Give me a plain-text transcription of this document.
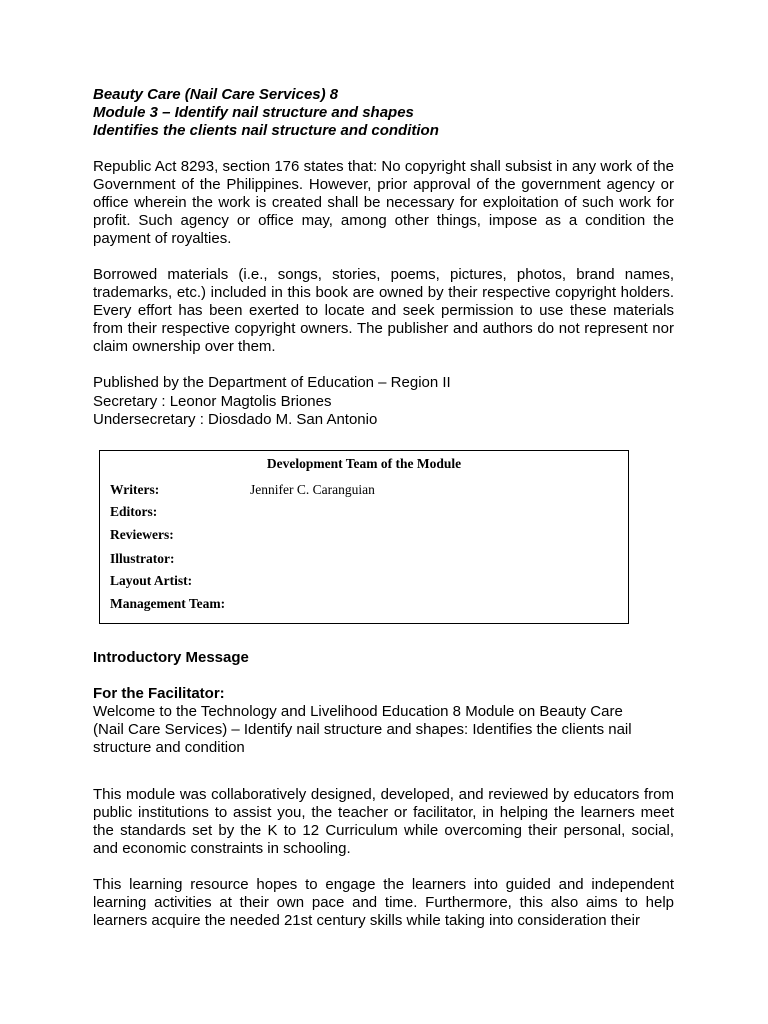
Beauty Care (Nail Care Services) 8

Module 3 – Identify nail structure and shapes

Identifies the clients nail structure and condition

Republic Act 8293, section 176 states that: No copyright shall subsist in any work of the Government of the Philippines. However, prior approval of the government agency or office wherein the work is created shall be necessary for exploitation of such work for profit. Such agency or office may, among other things, impose as a condition the payment of royalties.

Borrowed materials (i.e., songs, stories, poems, pictures, photos, brand names, trademarks, etc.) included in this book are owned by their respective copyright holders. Every effort has been exerted to locate and seek permission to use these materials from their respective copyright owners. The publisher and authors do not represent nor claim ownership over them.

Published by the Department of Education – Region II

Secretary : Leonor Magtolis Briones

Undersecretary : Diosdado M. San Antonio

Development Team of the Module
Writers:	Jennifer C. Caranguian
Editors:
Reviewers:
Illustrator:
Layout Artist:
Management Team:

Introductory Message

For the Facilitator:

Welcome to the Technology and Livelihood Education 8 Module on Beauty Care

(Nail Care Services) – Identify nail structure and shapes: Identifies the clients nail

structure and condition

This module was collaboratively designed, developed, and reviewed by educators from public institutions to assist you, the teacher or facilitator, in helping the learners meet the standards set by the K to 12 Curriculum while overcoming their personal, social, and economic constraints in schooling.

This learning resource hopes to engage the learners into guided and independent learning activities at their own pace and time. Furthermore, this also aims to help learners acquire the needed 21st century skills while taking into consideration their
